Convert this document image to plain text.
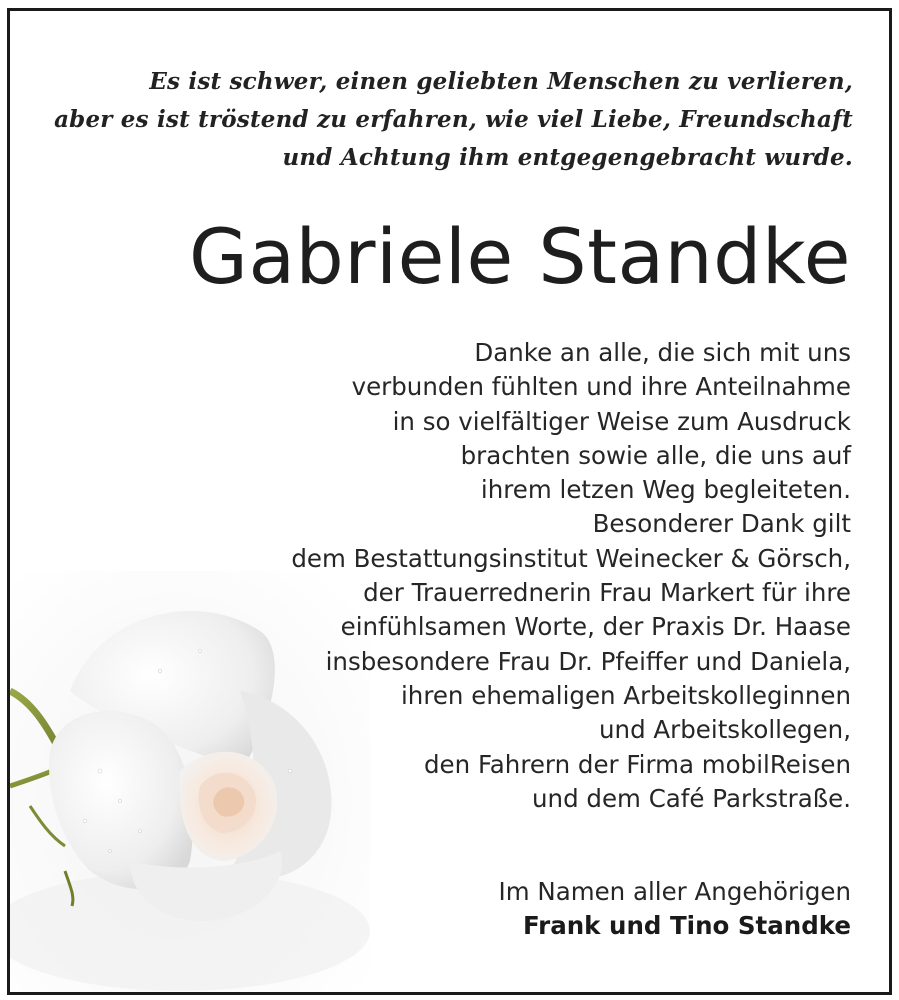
Es ist schwer, einen geliebten Menschen zu verlieren,
aber es ist tröstend zu erfahren, wie viel Liebe, Freundschaft
und Achtung ihm entgegengebracht wurde.
Gabriele Standke
Danke an alle, die sich mit uns
verbunden fühlten und ihre Anteilnahme
in so vielfältiger Weise zum Ausdruck
brachten sowie alle, die uns auf
ihrem letzen Weg begleiteten.
Besonderer Dank gilt
dem Bestattungsinstitut Weinecker & Görsch,
der Trauerrednerin Frau Markert für ihre
einfühlsamen Worte, der Praxis Dr. Haase
insbesondere Frau Dr. Pfeiffer und Daniela,
ihren ehemaligen Arbeitskolleginnen
und Arbeitskollegen,
den Fahrern der Firma mobilReisen
und dem Café Parkstraße.
Im Namen aller Angehörigen
Frank und Tino Standke
